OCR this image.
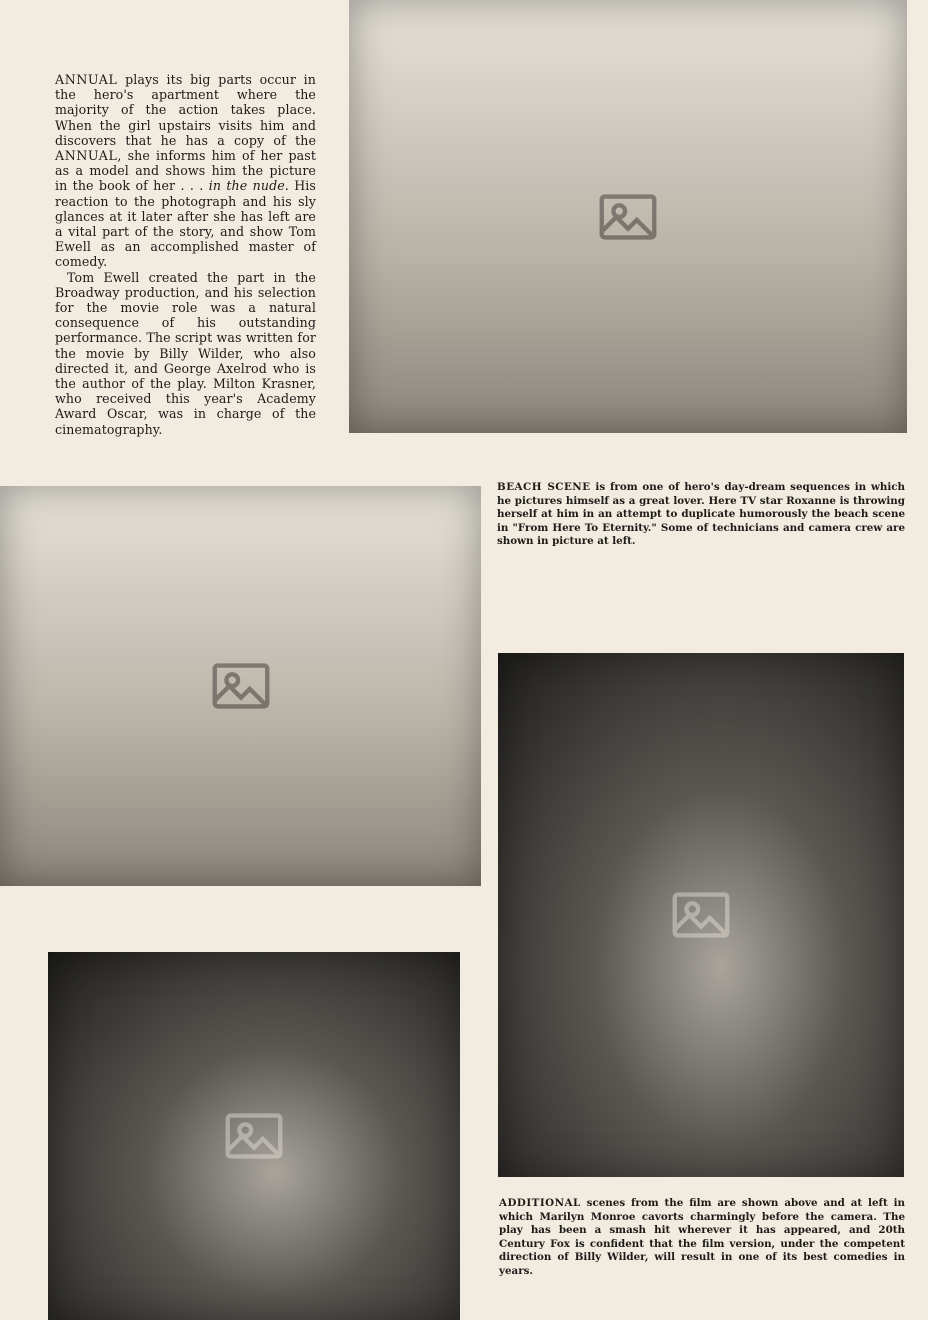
ANNUAL plays its big parts occur in the hero's apartment where the majority of the action takes place. When the girl upstairs visits him and discovers that he has a copy of the ANNUAL, she informs him of her past as a model and shows him the picture in the book of her . . . in the nude. His reaction to the photograph and his sly glances at it later after she has left are a vital part of the story, and show Tom Ewell as an accomplished master of comedy.

Tom Ewell created the part in the Broadway production, and his selection for the movie role was a natural consequence of his outstanding performance. The script was written for the movie by Billy Wilder, who also directed it, and George Axelrod who is the author of the play. Milton Krasner, who received this year's Academy Award Oscar, was in charge of the cinematography.

BEACH SCENE is from one of hero's day-dream sequences in which he pictures himself as a great lover. Here TV star Roxanne is throwing herself at him in an attempt to duplicate humorously the beach scene in "From Here To Eternity." Some of technicians and camera crew are shown in picture at left.
ADDITIONAL scenes from the film are shown above and at left in which Marilyn Monroe cavorts charmingly before the camera. The play has been a smash hit wherever it has appeared, and 20th Century Fox is confident that the film version, under the competent direction of Billy Wilder, will result in one of its best comedies in years.
